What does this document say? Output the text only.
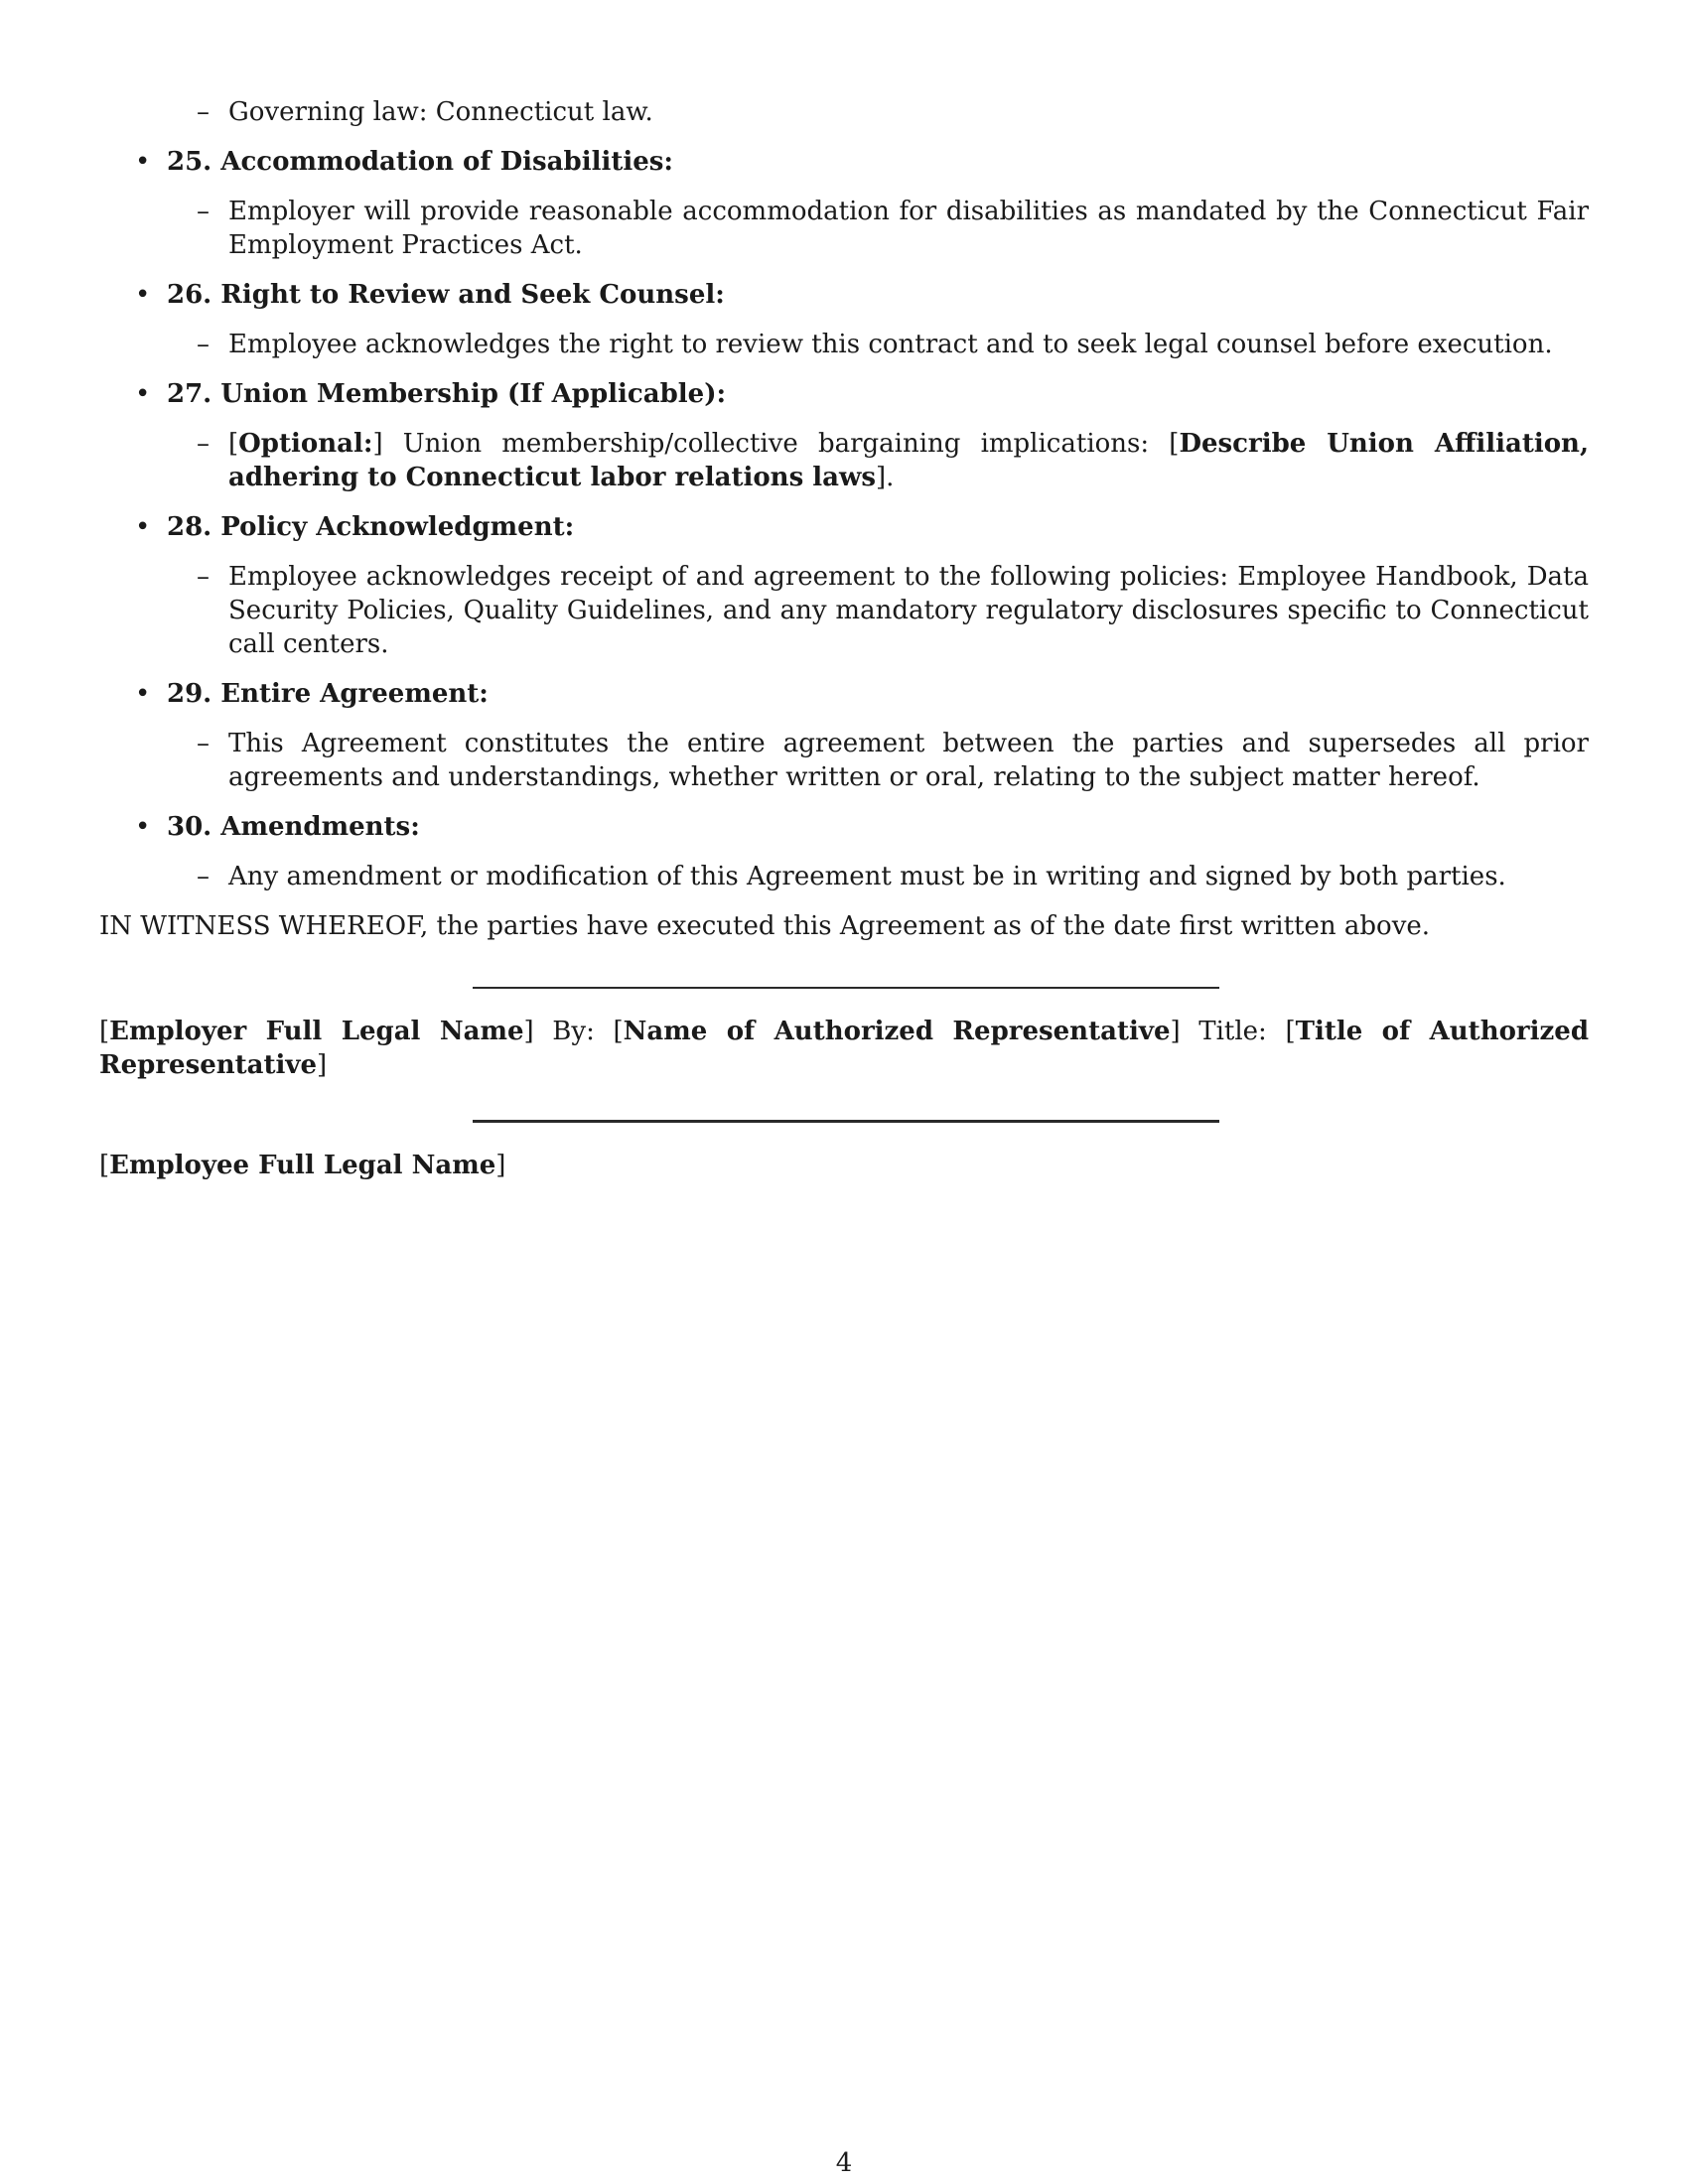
– Governing law: Connecticut law.
• 25. Accommodation of Disabilities:
– Employer will provide reasonable accommodation for disabilities as mandated by the Connecticut Fair Employment Practices Act.
• 26. Right to Review and Seek Counsel:
– Employee acknowledges the right to review this contract and to seek legal counsel before execution.
• 27. Union Membership (If Applicable):
– [Optional:] Union membership/collective bargaining implications: [Describe Union Affiliation, adhering to Connecticut labor relations laws].
• 28. Policy Acknowledgment:
– Employee acknowledges receipt of and agreement to the following policies: Employee Handbook, Data Security Policies, Quality Guidelines, and any mandatory regulatory disclosures specific to Connecticut call centers.
• 29. Entire Agreement:
– This Agreement constitutes the entire agreement between the parties and supersedes all prior agreements and understandings, whether written or oral, relating to the subject matter hereof.
• 30. Amendments:
– Any amendment or modification of this Agreement must be in writing and signed by both parties.
IN WITNESS WHEREOF, the parties have executed this Agreement as of the date first written above.
[Employer Full Legal Name] By: [Name of Authorized Representative] Title: [Title of Authorized Representative]
[Employee Full Legal Name]
4
